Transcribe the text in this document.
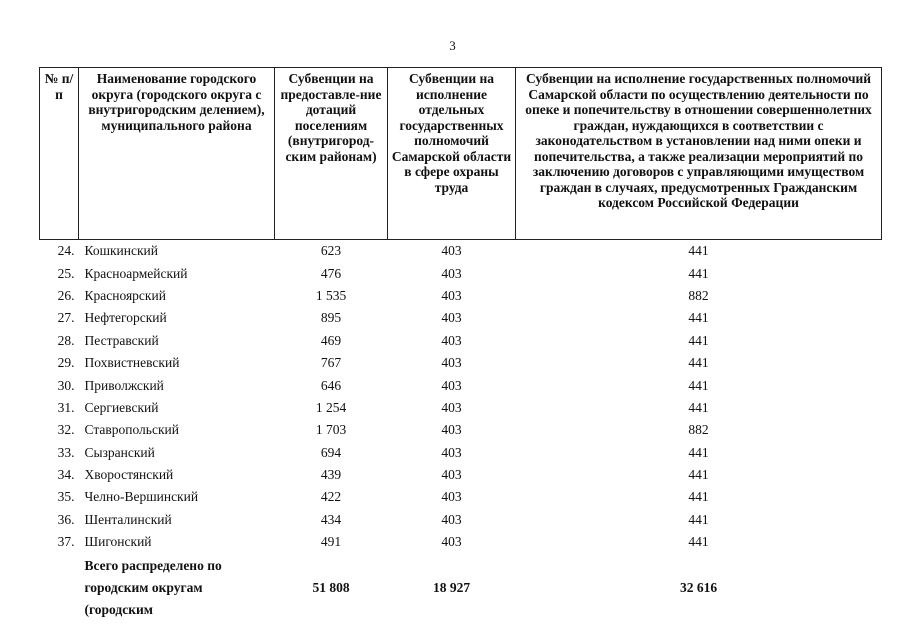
3
№ п/п	Наименование городского округа (городского округа с внутригородским делением), муниципального района	Субвенции на предоставле-ние дотаций поселениям (внутригород-ским районам)	Субвенции на исполнение отдельных государственных полномочий Самарской области в сфере охраны труда	Субвенции на исполнение государственных полномочий Самарской области по осуществлению деятельности по опеке и попечительству в отношении совершеннолетних граждан, нуждающихся в соответствии с законодательством в установлении над ними опеки и попечительства, а также реализации мероприятий по заключению договоров с управляющими имуществом граждан в случаях, предусмотренных Гражданским кодексом Российской Федерации
24.	Кошкинский	623	403	441
25.	Красноармейский	476	403	441
26.	Красноярский	1 535	403	882
27.	Нефтегорский	895	403	441
28.	Пестравский	469	403	441
29.	Похвистневский	767	403	441
30.	Приволжский	646	403	441
31.	Сергиевский	1 254	403	441
32.	Ставропольский	1 703	403	882
33.	Сызранский	694	403	441
34.	Хворостянский	439	403	441
35.	Челно-Вершинский	422	403	441
36.	Шенталинский	434	403	441
37.	Шигонский	491	403	441
	Всего распределено по городским округам (городским	51 808	18 927	32 616
